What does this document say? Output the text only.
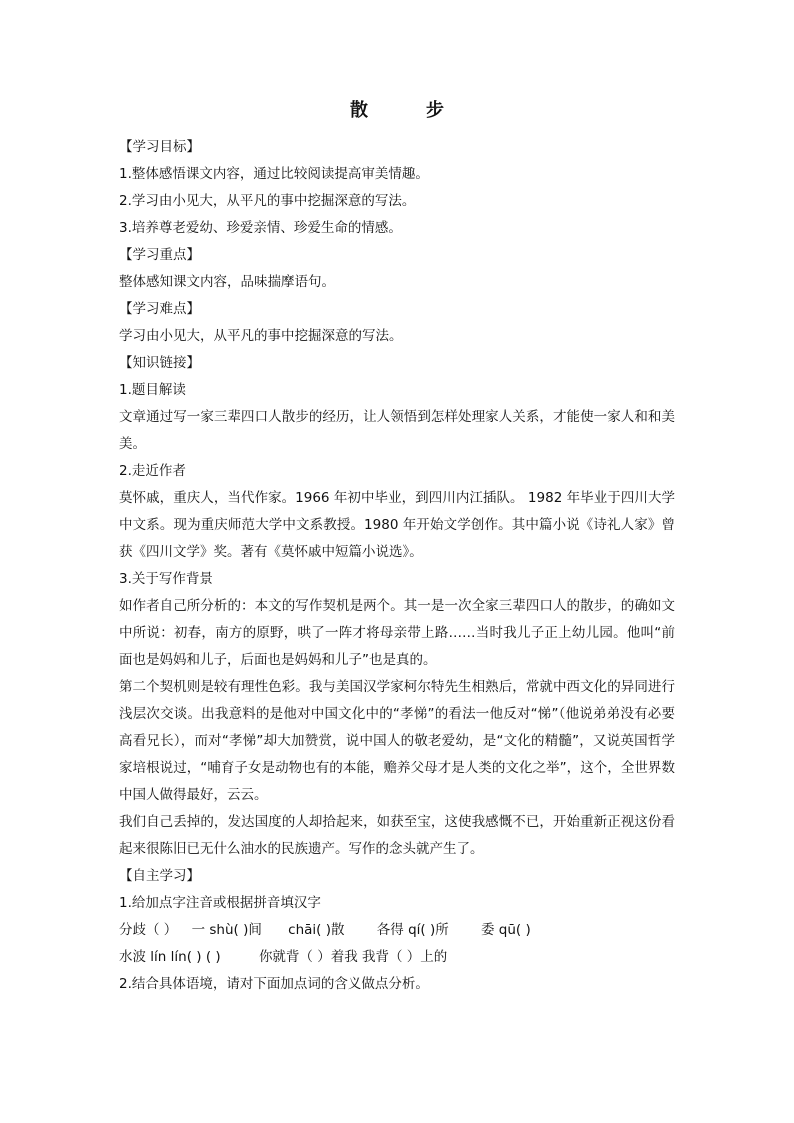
散　步
【学习目标】
1.整体感悟课文内容，通过比较阅读提高审美情趣。
2.学习由小见大，从平凡的事中挖掘深意的写法。
3.培养尊老爱幼、珍爱亲情、珍爱生命的情感。
【学习重点】
整体感知课文内容，品味揣摩语句。
【学习难点】
学习由小见大，从平凡的事中挖掘深意的写法。
【知识链接】
1.题目解读
文章通过写一家三辈四口人散步的经历，让人领悟到怎样处理家人关系，才能使一家人和和美美。
2.走近作者
莫怀戚，重庆人，当代作家。1966 年初中毕业，到四川内江插队。 1982 年毕业于四川大学中文系。现为重庆师范大学中文系教授。1980 年开始文学创作。其中篇小说《诗礼人家》曾获《四川文学》奖。著有《莫怀戚中短篇小说选》。
3.关于写作背景
如作者自己所分析的：本文的写作契机是两个。其一是一次全家三辈四口人的散步，的确如文中所说：初春，南方的原野，哄了一阵才将母亲带上路……当时我儿子正上幼儿园。他叫“前面也是妈妈和儿子，后面也是妈妈和儿子”也是真的。
第二个契机则是较有理性色彩。我与美国汉学家柯尔特先生相熟后，常就中西文化的异同进行浅层次交谈。出我意料的是他对中国文化中的“孝悌”的看法一他反对“悌”（他说弟弟没有必要高看兄长），而对“孝悌”却大加赞赏，说中国人的敬老爱幼，是“文化的精髓”，又说英国哲学家培根说过，“哺育子女是动物也有的本能，赡养父母才是人类的文化之举”，这个，全世界数中国人做得最好，云云。
我们自己丢掉的，发达国度的人却拾起来，如获至宝，这使我感慨不已，开始重新正视这份看起来很陈旧已无什么油水的民族遗产。写作的念头就产生了。
【自主学习】
1.给加点字注音或根据拼音填汉字
分歧（ ） 一 shù( )间 chāi( )散 各得 qí( )所 委 qū( )
水波 lín lín( ) ( )	你就背（ ）着我 我背（ ）上的
2.结合具体语境，请对下面加点词的含义做点分析。
